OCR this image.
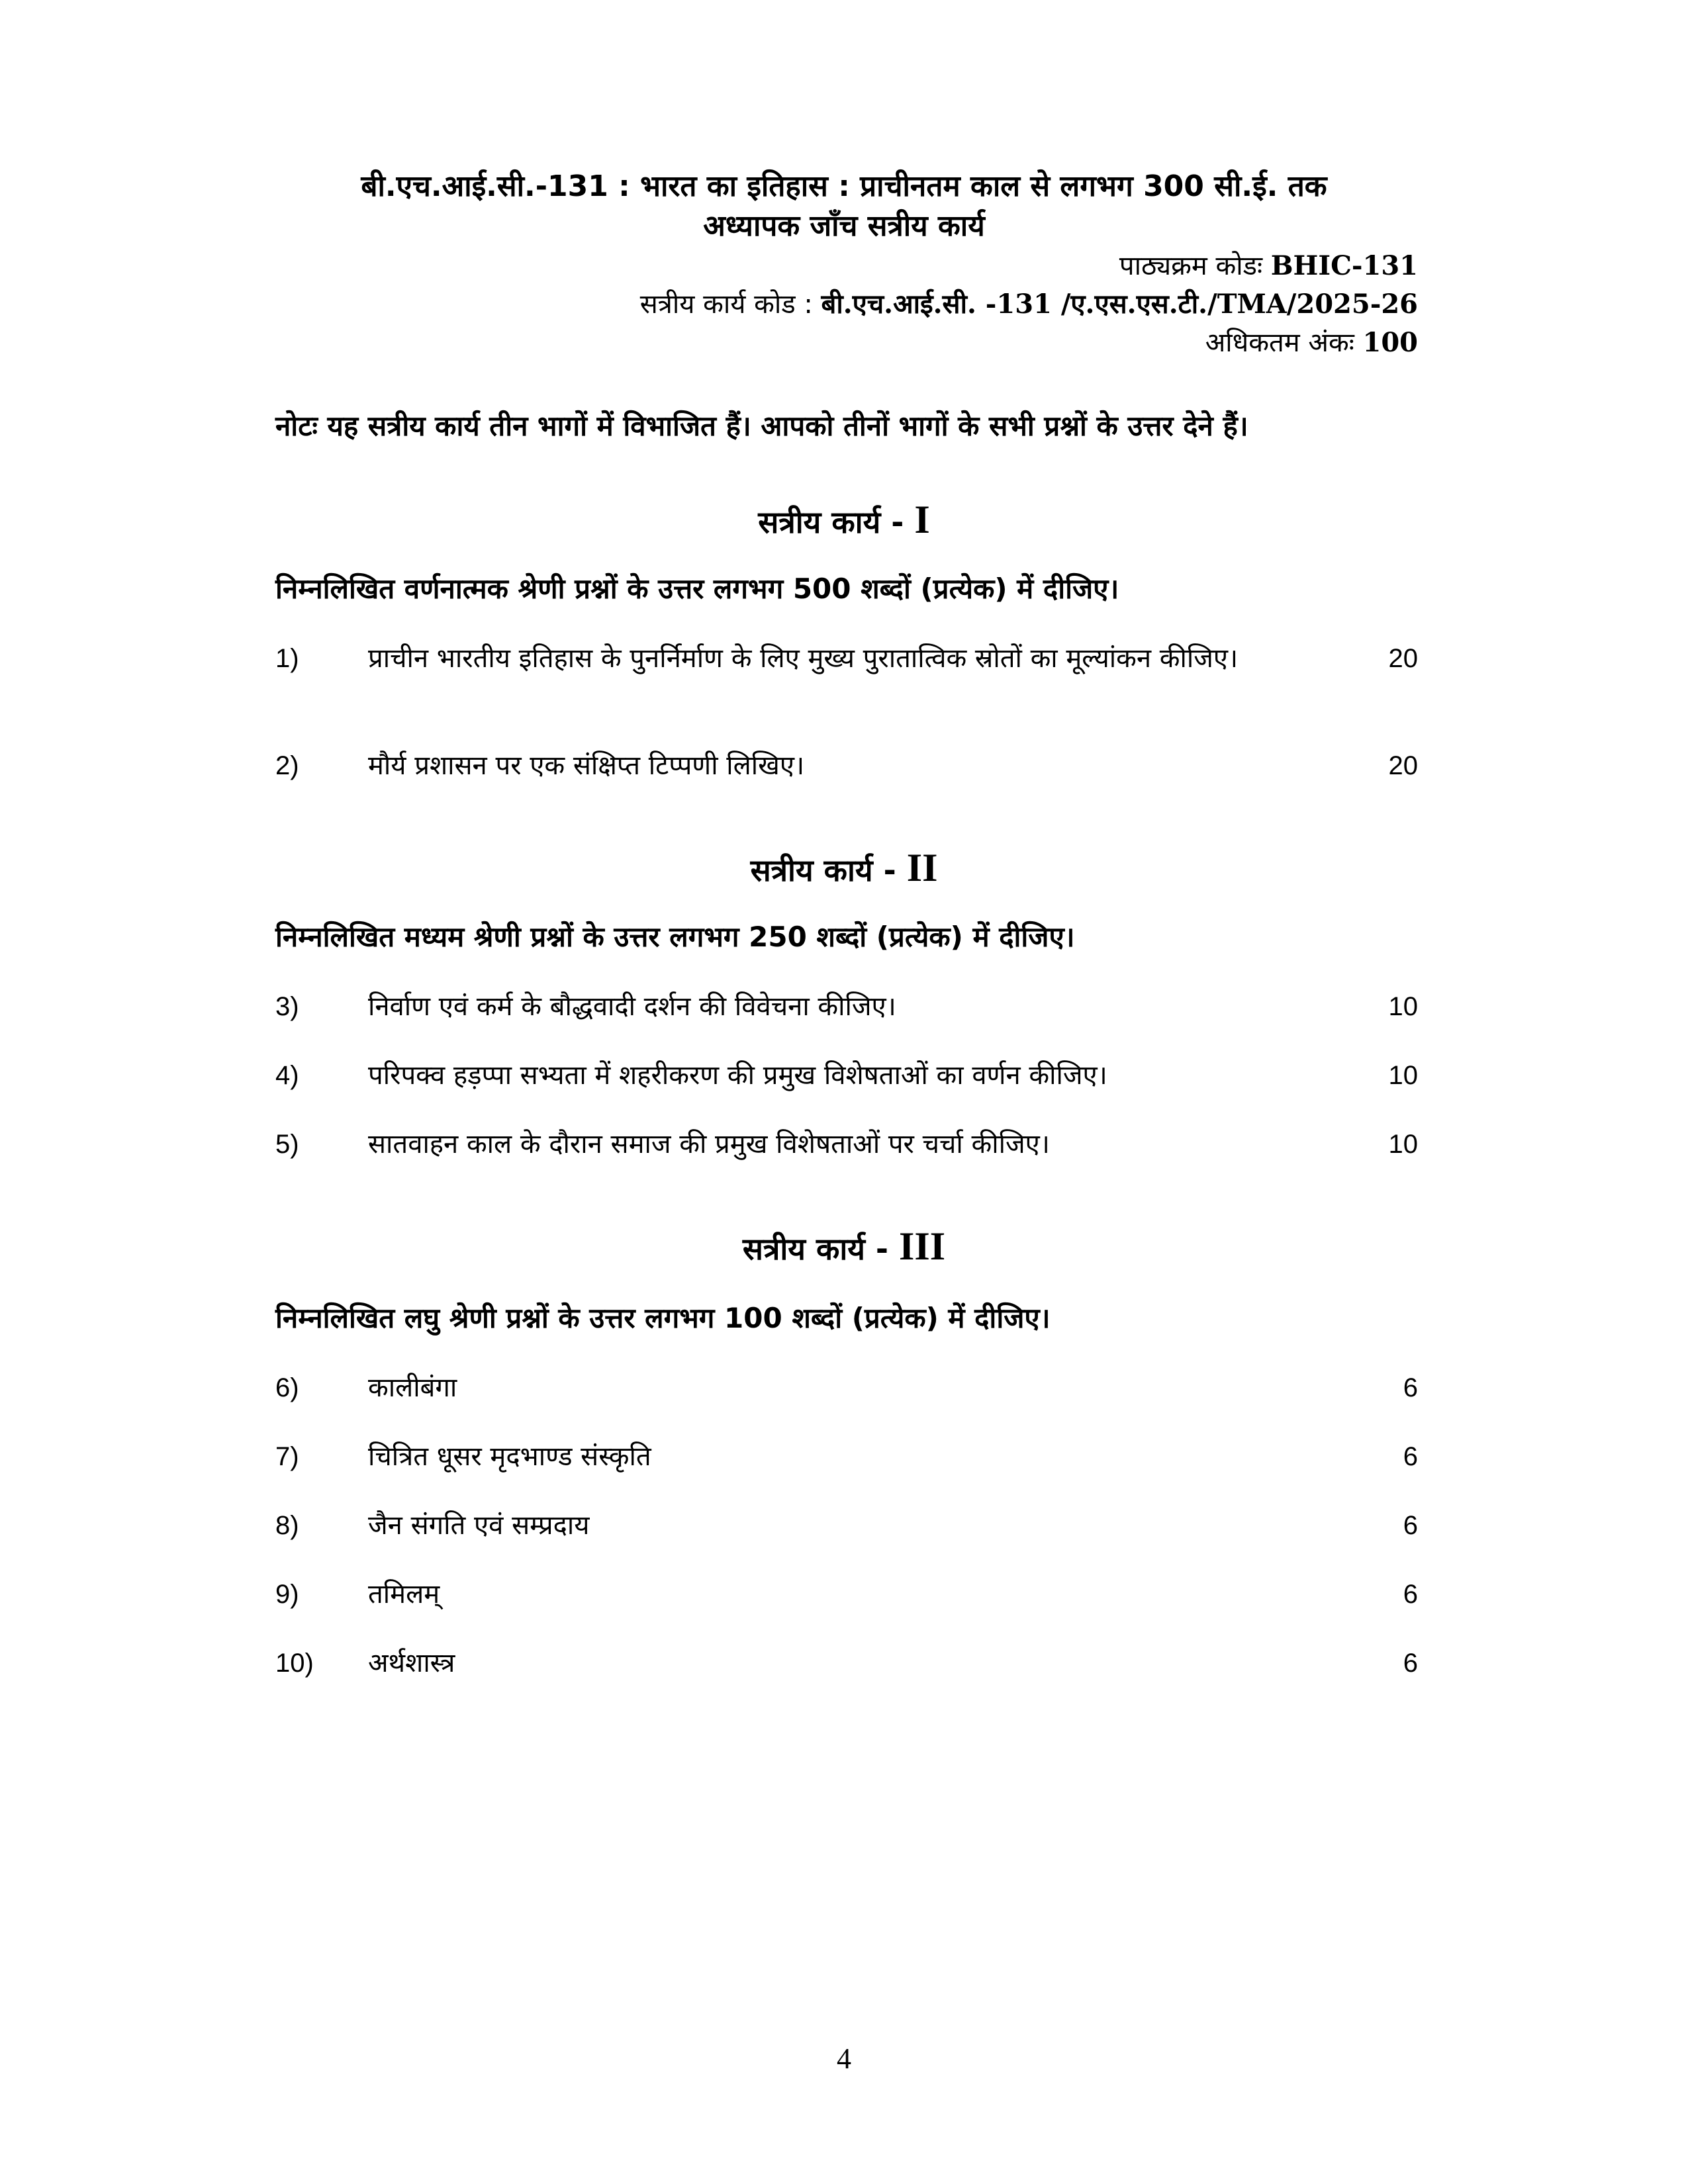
बी.एच.आई.सी.-131 : भारत का इतिहास : प्राचीनतम काल से लगभग 300 सी.ई. तक
अध्यापक जाँच सत्रीय कार्य
पाठ्यक्रम कोडः BHIC-131
सत्रीय कार्य कोड : बी.एच.आई.सी. -131 /ए.एस.एस.टी./TMA/2025-26
अधिकतम अंकः 100
नोटः यह सत्रीय कार्य तीन भागों में विभाजित हैं। आपको तीनों भागों के सभी प्रश्नों के उत्तर देने हैं।
सत्रीय कार्य - I
निम्नलिखित वर्णनात्मक श्रेणी प्रश्नों के उत्तर लगभग 500 शब्दों (प्रत्येक) में दीजिए।
1)	प्राचीन भारतीय इतिहास के पुनर्निर्माण के लिए मुख्य पुरातात्विक स्रोतों का मूल्यांकन कीजिए।	20
2)	मौर्य प्रशासन पर एक संक्षिप्त टिप्पणी लिखिए।	20
सत्रीय कार्य - II
निम्नलिखित मध्यम श्रेणी प्रश्नों के उत्तर लगभग 250 शब्दों (प्रत्येक) में दीजिए।
3)	निर्वाण एवं कर्म के बौद्धवादी दर्शन की विवेचना कीजिए।	10
4)	परिपक्व हड़प्पा सभ्यता में शहरीकरण की प्रमुख विशेषताओं का वर्णन कीजिए।	10
5)	सातवाहन काल के दौरान समाज की प्रमुख विशेषताओं पर चर्चा कीजिए।	10
सत्रीय कार्य - III
निम्नलिखित लघु श्रेणी प्रश्नों के उत्तर लगभग 100 शब्दों (प्रत्येक) में दीजिए।
6)	कालीबंगा	6
7)	चित्रित धूसर मृदभाण्ड संस्कृति	6
8)	जैन संगति एवं सम्प्रदाय	6
9)	तमिलम्	6
10) अर्थशास्त्र	6
4
